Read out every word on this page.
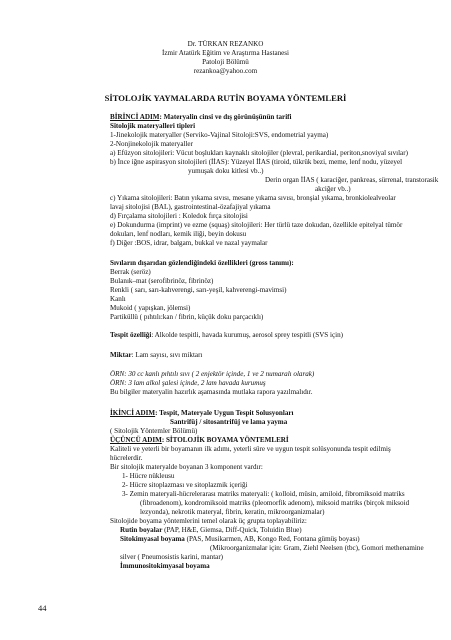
Dr. TÜRKAN REZANKO
İzmir Atatürk Eğitim ve Araştırma Hastanesi
Patoloji Bölümü
rezankoa@yahoo.com
SİTOLOJİK YAYMALARDA RUTİN BOYAMA YÖNTEMLERİ
BİRİNCİ ADIM: Materyalin cinsi ve dış görünüşünün tarifi
Sitolojik materyalleri tipleri
1-Jinekolojik materyaller (Serviko-Vajinal Sitoloji:SVS, endometrial yayma)
2-Nonjinekolojik materyaller
a) Efüzyon sitolojileri: Vücut boşlukları kaynaklı sitolojiler (plevral, perikardial, periton,snoviyal sıvılar)
b) İnce iğne aspirasyon sitolojileri (İİAS): Yüzeyel İİAS (tiroid, tükrük bezi, meme, lenf nodu, yüzeyel
yumuşak doku kitlesi vb..)
Derin organ İİAS ( karaciğer, pankreas, sürrenal, transtorasik
akciğer vb..)
c) Yıkama sitolojileri: Batın yıkama sıvısı, mesane yıkama sıvısı, bronşial yıkama, bronkiolealveolar
lavaj sitolojisi (BAL), gastrointestinal-özafajiyal yıkama
d) Fırçalama sitolojileri : Koledok fırça sitolojisi
e) Dokundurma (imprint) ve ezme (squaş) sitolojileri: Her türlü taze dokudan, özellikle epitelyal tümör
dokuları, lenf nodları, kemik iliği, beyin dokusu
f) Diğer :BOS, idrar, balgam, bukkal ve nazal yaymalar
Sıvıların dışarıdan gözlendiğindeki özellikleri (gross tanımı):
Berrak (seröz)
Bulanık–mat (serofibrinöz, fibrinöz)
Renkli ( sarı, sarı-kahverengi, sarı-yeşil, kahverengi-mavimsi)
Kanlı
Mukoid ( yapışkan, jölemsi)
Partiküllü ( pıhtılı:kan / fibrin, küçük doku parçacıklı)
Tespit özelliği: Alkolde tespitli, havada kurumuş, aerosol sprey tespitli (SVS için)
Miktar: Lam sayısı, sıvı miktarı
ÖRN: 30 cc kanlı pıhtılı sıvı ( 2 enjektör içinde, 1 ve 2 numaralı olarak)
ÖRN: 3 lam alkol şalesi içinde, 2 lam havada kurumuş
Bu bilgiler materyalin hazırlık aşamasında mutlaka rapora yazılmalıdır.
İKİNCİ ADIM: Tespit, Materyale Uygun Tespit Solusyonları
Santrifüj / sitosantrifüj ve lama yayma
( Sitolojik Yöntemler Bölümü)
ÜÇÜNCÜ ADIM: SİTOLOJİK BOYAMA YÖNTEMLERİ
Kaliteli ve yeterli bir boyamanın ilk adımı, yeterli süre ve uygun tespit solüsyonunda tespit edilmiş
hücrelerdir.
Bir sitolojik materyalde boyanan 3 komponent vardır:
1- Hücre nükleusu
2- Hücre sitoplazması ve sitoplazmik içeriği
3- Zemin materyali-hücrelerarası matriks materyali: ( kolloid, müsin, amiloid, fibromiksoid matriks
(fibroadenom), kondromiksoid matriks (pleomorfik adenom), miksoid matriks (birçok miksoid
lezyonda), nekrotik materyal, fibrin, keratin, mikroorganizmalar)
Sitolojide boyama yöntemlerini temel olarak üç grupta toplayabiliriz:
Rutin boyalar (PAP, H&E, Giemsa, Diff-Quick, Toluidin Blue)
Sitokimyasal boyama (PAS, Musikarmen, AB, Kongo Red, Fontana gümüş boyası)
(Mikroorganizmalar için: Gram, Ziehl Neelsen (tbc), Gomori methenamine
silver ( Pneumosistis karini, mantar)
İmmunositokimyasal boyama
44
